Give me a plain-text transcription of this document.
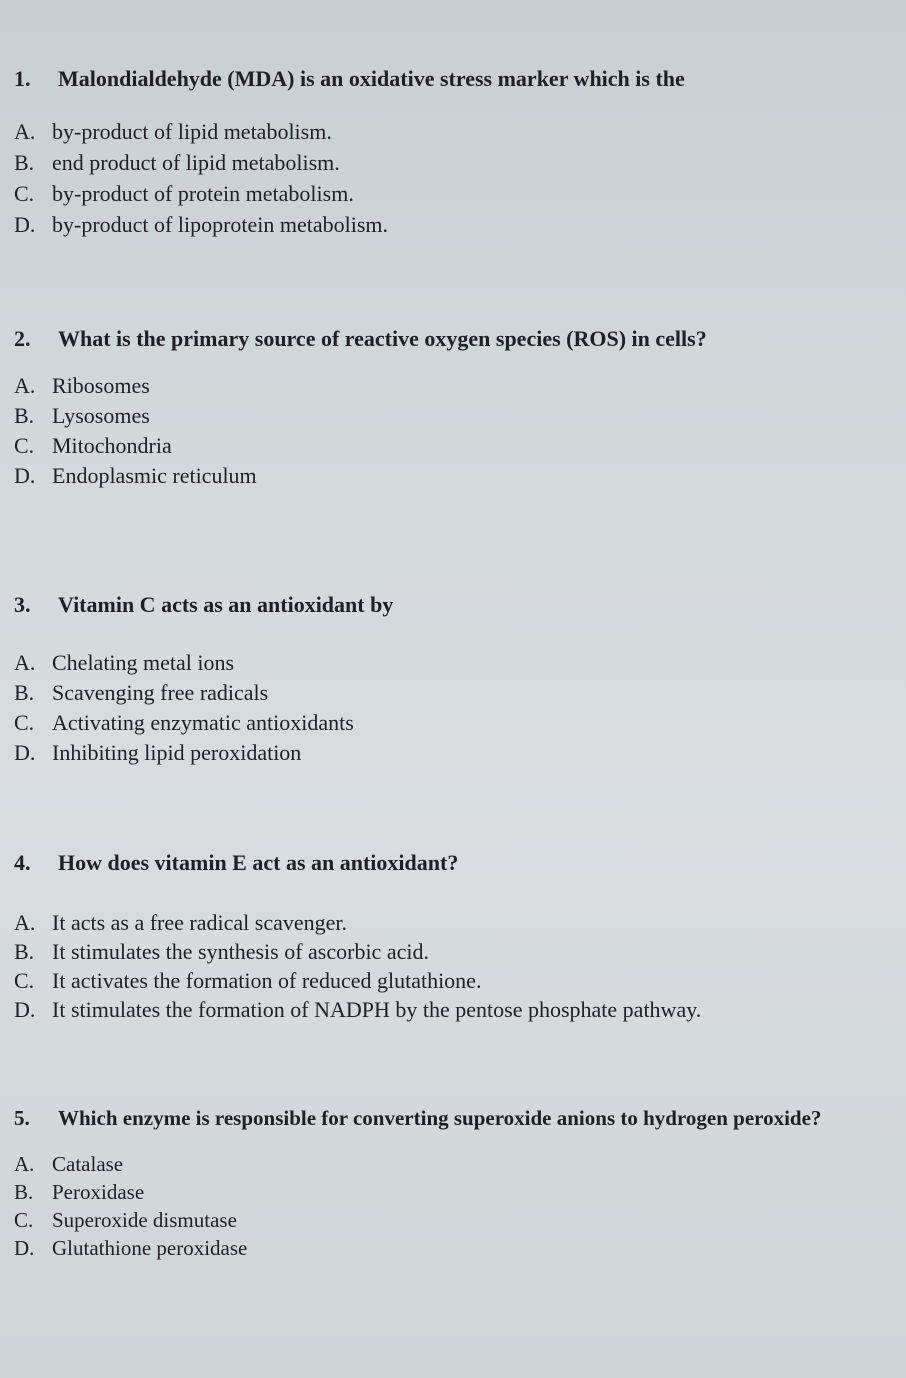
1.	Malondialdehyde (MDA) is an oxidative stress marker which is the

A. by-product of lipid metabolism.
B. end product of lipid metabolism.
C. by-product of protein metabolism.
D. by-product of lipoprotein metabolism.

2.	What is the primary source of reactive oxygen species (ROS) in cells?

A. Ribosomes
B. Lysosomes
C. Mitochondria
D. Endoplasmic reticulum

3.	Vitamin C acts as an antioxidant by

A. Chelating metal ions
B. Scavenging free radicals
C. Activating enzymatic antioxidants
D. Inhibiting lipid peroxidation

4.	How does vitamin E act as an antioxidant?

A. It acts as a free radical scavenger.
B. It stimulates the synthesis of ascorbic acid.
C. It activates the formation of reduced glutathione.
D. It stimulates the formation of NADPH by the pentose phosphate pathway.

5.	Which enzyme is responsible for converting superoxide anions to hydrogen peroxide?

A. Catalase
B. Peroxidase
C. Superoxide dismutase
D. Glutathione peroxidase
